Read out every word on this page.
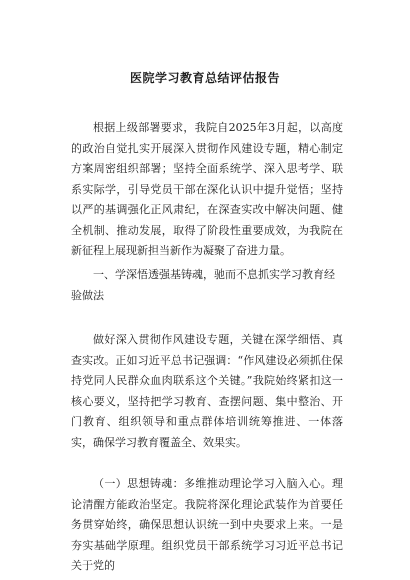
医院学习教育总结评估报告

根据上级部署要求，我院自2025年3月起，以高度的政治自觉扎实开展深入贯彻作风建设专题，精心制定方案周密组织部署；坚持全面系统学、深入思考学、联系实际学，引导党员干部在深化认识中提升觉悟；坚持以严的基调强化正风肃纪，在深查实改中解决问题、健全机制、推动发展，取得了阶段性重要成效，为我院在新征程上展现新担当新作为凝聚了奋进力量。

一、学深悟透强基铸魂，驰而不息抓实学习教育经验做法

做好深入贯彻作风建设专题，关键在深学细悟、真查实改。正如习近平总书记强调：“作风建设必须抓住保持党同人民群众血肉联系这个关键。”我院始终紧扣这一核心要义，坚持把学习教育、查摆问题、集中整治、开门教育、组织领导和重点群体培训统筹推进、一体落实，确保学习教育覆盖全、效果实。

（一）思想铸魂：多维推动理论学习入脑入心。理论清醒方能政治坚定。我院将深化理论武装作为首要任务贯穿始终，确保思想认识统一到中央要求上来。一是夯实基础学原理。组织党员干部系统学习习近平总书记关于党的
